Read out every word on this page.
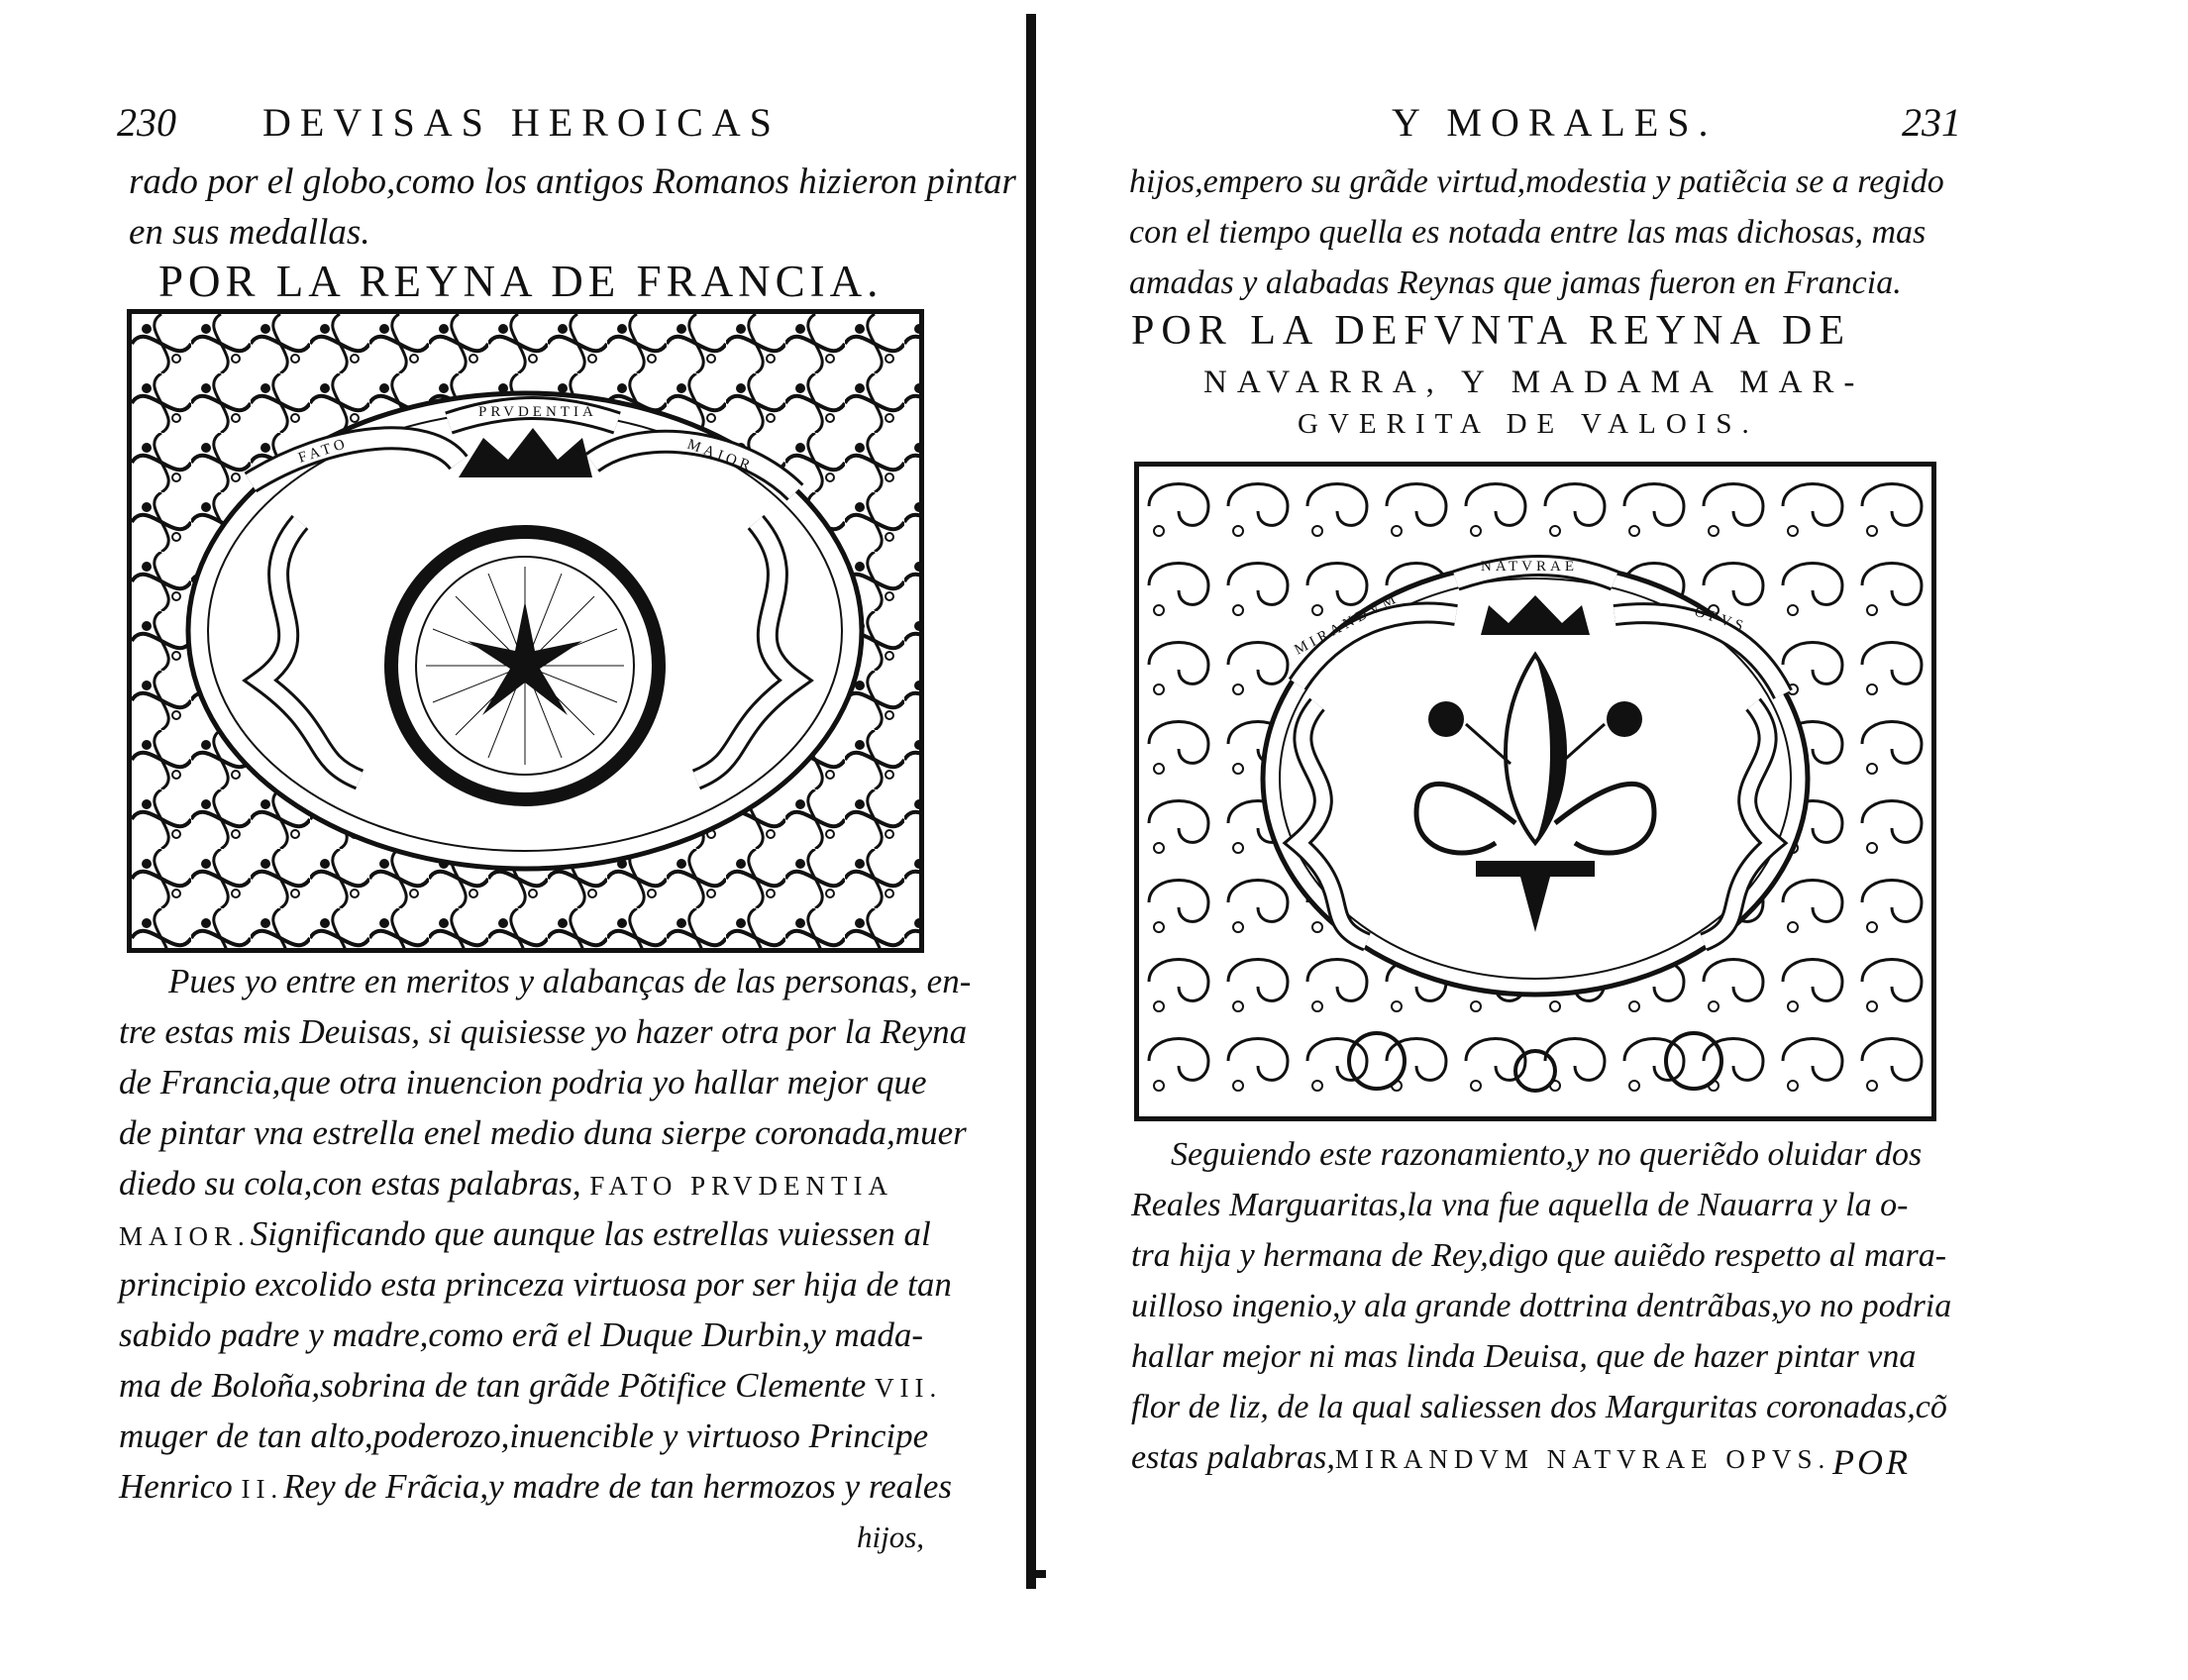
230 DEVISAS HEROICAS
rado por el globo,como los antigos Romanos hizieron pintar
en sus medallas.
POR LA REYNA DE FRANCIA.
FATO
PRVDENTIA
MAIOR
Pues yo entre en meritos y alabanças de las personas, en-
tre estas mis Deuisas, si quisiesse yo hazer otra por la Reyna
de Francia,que otra inuencion podria yo hallar mejor que
de pintar vna estrella enel medio duna sierpe coronada,muer
diedo su cola,con estas palabras, FATO PRVDENTIA
MAIOR.Significando que aunque las estrellas vuiessen al
principio excolido esta princeza virtuosa por ser hija de tan
sabido padre y madre,como erã el Duque Durbin,y mada-
ma de Boloña,sobrina de tan grãde Põtifice Clemente VII.
muger de tan alto,poderozo,inuencible y virtuoso Principe
Henrico II.Rey de Frãcia,y madre de tan hermozos y reales
hijos,
Y MORALES.	231
hijos,empero su grãde virtud,modestia y patiẽcia se a regido
con el tiempo quella es notada entre las mas dichosas, mas
amadas y alabadas Reynas que jamas fueron en Francia.
POR LA DEFVNTA REYNA DE
NAVARRA, Y MADAMA MAR-
GVERITA DE VALOIS.
MIRANDVM
NATVRAE
OPVS
Seguiendo este razonamiento,y no queriẽdo oluidar dos
Reales Marguaritas,la vna fue aquella de Nauarra y la o-
tra hija y hermana de Rey,digo que auiẽdo respetto al mara-
uilloso ingenio,y ala grande dottrina dentrãbas,yo no podria
hallar mejor ni mas linda Deuisa, que de hazer pintar vna
flor de liz, de la qual saliessen dos Marguritas coronadas,cõ
estas palabras,MIRANDVM NATVRAE OPVS. POR
